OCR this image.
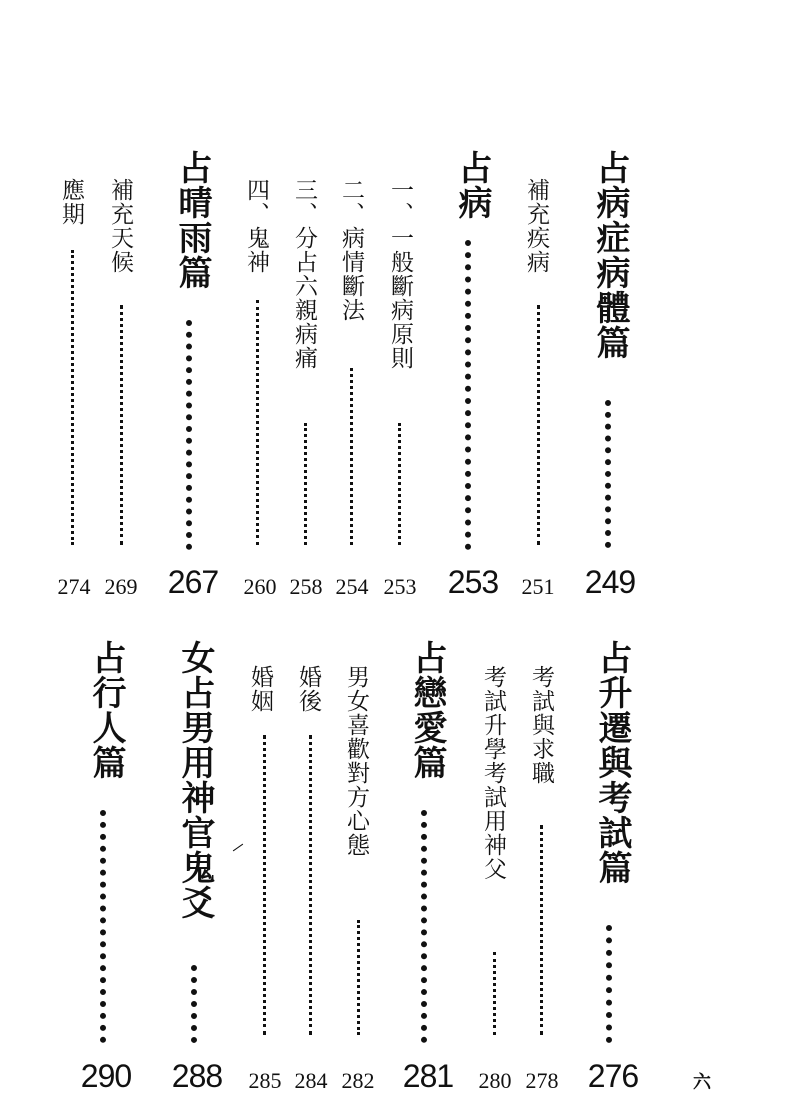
占病症病體篇
249
補充疾病
251
占病
253
一、一般斷病原則
253
二、病情斷法
254
三、分占六親病痛
258
四、鬼神
260
占晴雨篇
267
補充天候
269
應期
274
占升遷與考試篇
276
考試與求職
278
考試升學考試用神父
280
占戀愛篇
281
男女喜歡對方心態
282
婚後
284
婚姻
285
女占男用神官鬼爻
288
占行人篇
290	六
